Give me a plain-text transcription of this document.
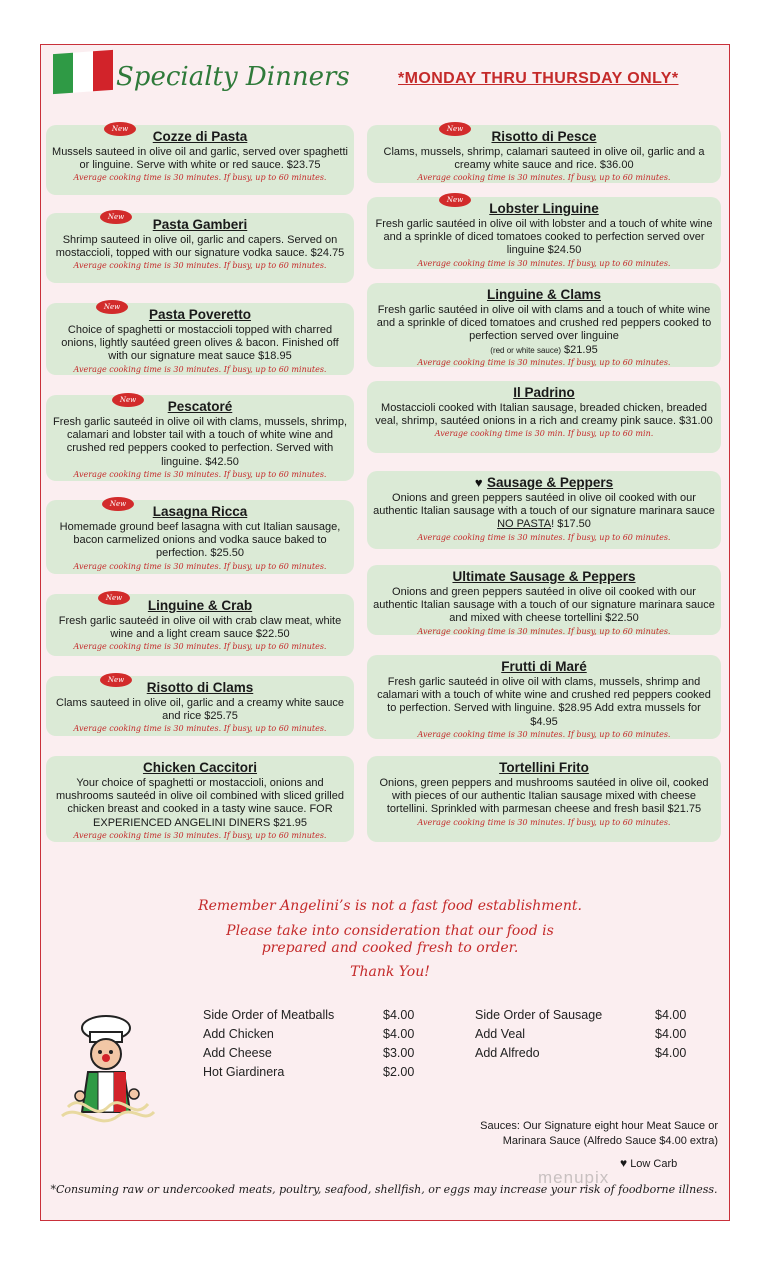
Specialty Dinners	*MONDAY THRU THURSDAY ONLY*
New	Cozze di Pasta
Mussels sauteed in olive oil and garlic, served over spaghetti or linguine. Serve with white or red sauce. $23.75
Average cooking time is 30 minutes. If busy, up to 60 minutes.
New	Pasta Gamberi
Shrimp sauteed in olive oil, garlic and capers. Served on mostaccioli, topped with our signature vodka sauce. $24.75
Average cooking time is 30 minutes. If busy, up to 60 minutes.
New	Pasta Poveretto
Choice of spaghetti or mostaccioli topped with charred onions, lightly sautéed green olives & bacon. Finished off with our signature meat sauce $18.95
Average cooking time is 30 minutes. If busy, up to 60 minutes.
New	Pescatoré
Fresh garlic sauteéd in olive oil with clams, mussels, shrimp, calamari and lobster tail with a touch of white wine and crushed red peppers cooked to perfection. Served with linguine. $42.50
Average cooking time is 30 minutes. If busy, up to 60 minutes.
New	Lasagna Ricca
Homemade ground beef lasagna with cut Italian sausage, bacon carmelized onions and vodka sauce baked to perfection. $25.50
Average cooking time is 30 minutes. If busy, up to 60 minutes.
New	Linguine & Crab
Fresh garlic sauteéd in olive oil with crab claw meat, white wine and a light cream sauce $22.50
Average cooking time is 30 minutes. If busy, up to 60 minutes.
New	Risotto di Clams
Clams sauteed in olive oil, garlic and a creamy white sauce and rice $25.75
Average cooking time is 30 minutes. If busy, up to 60 minutes.
Chicken Caccitori
Your choice of spaghetti or mostaccioli, onions and mushrooms sauteéd in olive oil combined with sliced grilled chicken breast and cooked in a tasty wine sauce. FOR EXPERIENCED ANGELINI DINERS $21.95
Average cooking time is 30 minutes. If busy, up to 60 minutes.
New	Risotto di Pesce
Clams, mussels, shrimp, calamari sauteed in olive oil, garlic and a creamy white sauce and rice. $36.00
Average cooking time is 30 minutes. If busy, up to 60 minutes.
New
Lobster Linguine
Fresh garlic sautéed in olive oil with lobster and a touch of white wine and a sprinkle of diced tomatoes cooked to perfection served over linguine $24.50
Average cooking time is 30 minutes. If busy, up to 60 minutes.
Linguine & Clams
Fresh garlic sautéed in olive oil with clams and a touch of white wine and a sprinkle of diced tomatoes and crushed red peppers cooked to perfection served over linguine
(red or white sauce) $21.95
Average cooking time is 30 minutes. If busy, up to 60 minutes.
Il Padrino
Mostaccioli cooked with Italian sausage, breaded chicken, breaded veal, shrimp, sautéed onions in a rich and creamy pink sauce. $31.00
Average cooking time is 30 min. If busy, up to 60 min.
♥ Sausage & Peppers
Onions and green peppers sautéed in olive oil cooked with our authentic Italian sausage with a touch of our signature marinara sauce NO PASTA! $17.50
Average cooking time is 30 minutes. If busy, up to 60 minutes.
Ultimate Sausage & Peppers
Onions and green peppers sautéed in olive oil cooked with our authentic Italian sausage with a touch of our signature marinara sauce and mixed with cheese tortellini $22.50
Average cooking time is 30 minutes. If busy, up to 60 minutes.
Frutti di Maré
Fresh garlic sauteéd in olive oil with clams, mussels, shrimp and calamari with a touch of white wine and crushed red peppers cooked to perfection. Served with linguine. $28.95 Add extra mussels for $4.95
Average cooking time is 30 minutes. If busy, up to 60 minutes.
Tortellini Frito
Onions, green peppers and mushrooms sautéed in olive oil, cooked with pieces of our authentic Italian sausage mixed with cheese tortellini. Sprinkled with parmesan cheese and fresh basil $21.75
Average cooking time is 30 minutes. If busy, up to 60 minutes.
Remember Angelini’s is not a fast food establishment.
Please take into consideration that our food is
prepared and cooked fresh to order.
Thank You!
Side Order of Meatballs	$4.00
Add Chicken	$4.00
Add Cheese	$3.00
Hot Giardinera	$2.00
Side Order of Sausage	$4.00
Add Veal	$4.00
Add Alfredo	$4.00
Sauces: Our Signature eight hour Meat Sauce or
Marinara Sauce (Alfredo Sauce $4.00 extra)
♥ Low Carb
menupix
*Consuming raw or undercooked meats, poultry, seafood, shellfish, or eggs may increase your risk of foodborne illness.
